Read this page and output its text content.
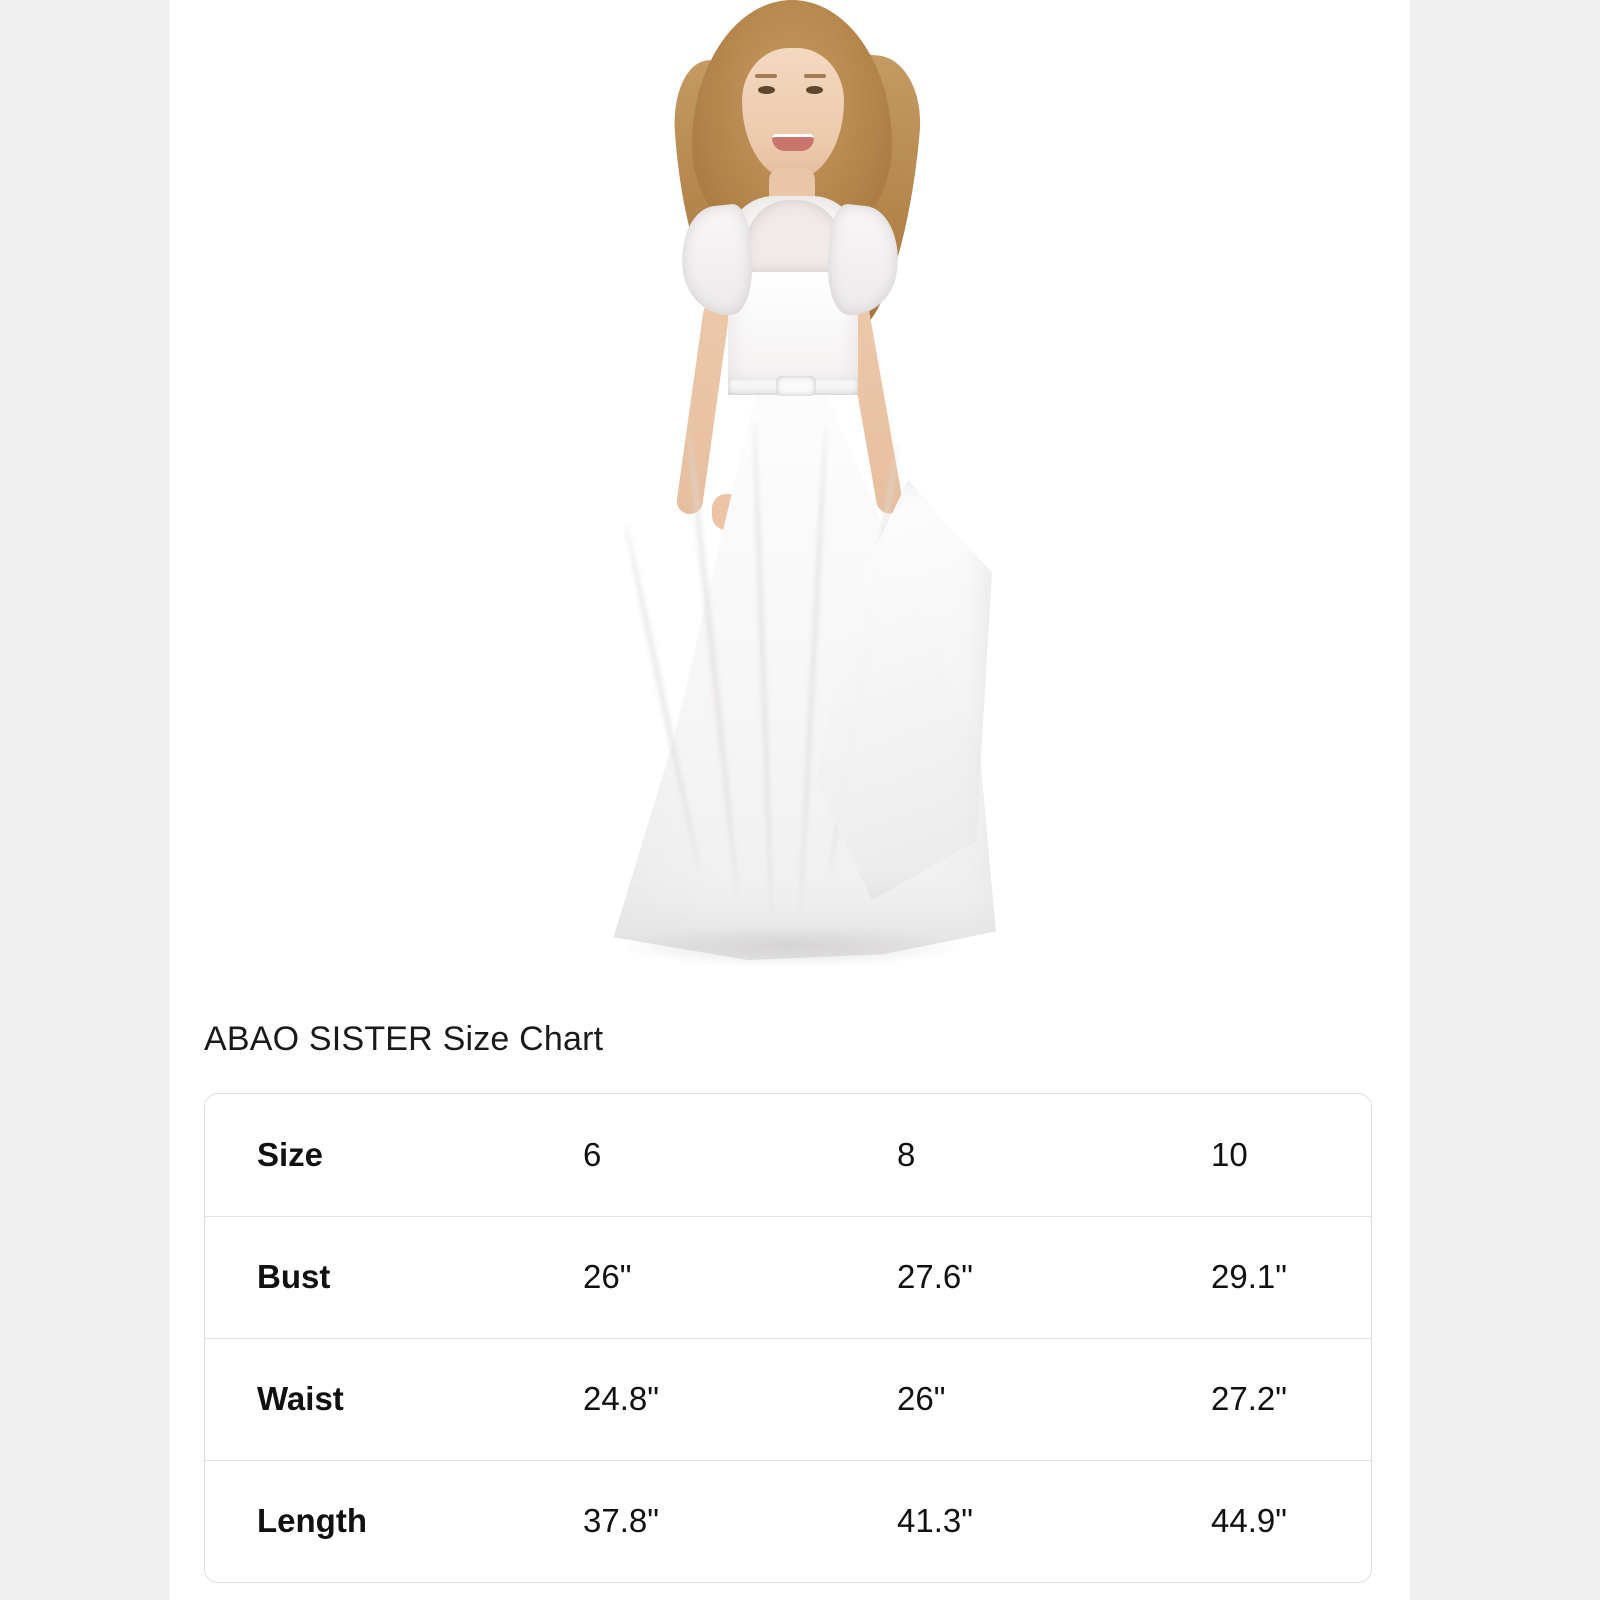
ABAO SISTER Size Chart
Size	6	8	10
Bust	26"	27.6"	29.1"
Waist	24.8"	26"	27.2"
Length	37.8"	41.3"	44.9"
